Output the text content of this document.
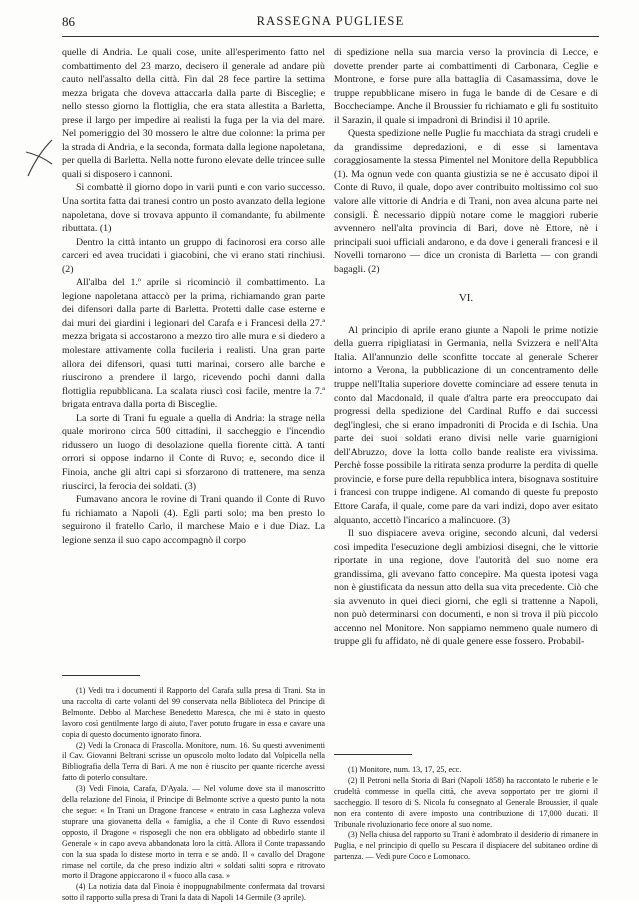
86	RASSEGNA PUGLIESE

quelle di Andria. Le quali cose, unite all'esperimento fatto nel combattimento del 23 marzo, decisero il generale ad andare più cauto nell'assalto della città. Fin dal 28 fece partire la settima mezza brigata che doveva attaccarla dalla parte di Bisceglie; e nello stesso giorno la flottiglia, che era stata allestita a Barletta, prese il largo per impedire ai realisti la fuga per la via del mare. Nel pomeriggio del 30 mossero le altre due colonne: la prima per la strada di Andria, e la seconda, formata dalla legione napoletana, per quella di Barletta. Nella notte furono elevate delle trincee sulle quali si disposero i cannoni.

Si combattè il giorno dopo in varii punti e con vario successo. Una sortita fatta dai tranesi contro un posto avanzato della legione napoletana, dove si trovava appunto il comandante, fu abilmente ributtata. (1)

Dentro la città intanto un gruppo di facinorosi era corso alle carceri ed avea trucidati i giacobini, che vi erano stati rinchiusi. (2)

All'alba del 1.º aprile si ricominciò il combattimento. La legione napoletana attaccò per la prima, richiamando gran parte dei difensori dalla parte di Barletta. Protetti dalle case esterne e dai muri dei giardini i legionari del Carafa e i Francesi della 27.ª mezza brigata si accostarono a mezzo tiro alle mura e si diedero a molestare attivamente colla fucileria i realisti. Una gran parte allora dei difensori, quasi tutti marinai, corsero alle barche e riuscirono a prendere il largo, ricevendo pochi danni dalla flottiglia repubblicana. La scalata riuscì così facile, mentre la 7.ª brigata entrava dalla porta di Bisceglie.

La sorte di Trani fu eguale a quella di Andria: la strage nella quale morirono circa 500 cittadini, il saccheggio e l'incendio ridussero un luogo di desolazione quella fiorente città. A tanti orrori si oppose indarno il Conte di Ruvo; e, secondo dice il Finoia, anche gli altri capi si sforzarono di trattenere, ma senza riuscirci, la ferocia dei soldati. (3)

Fumavano ancora le rovine di Trani quando il Conte di Ruvo fu richiamato a Napoli (4). Egli parti solo; ma ben presto lo seguirono il fratello Carlo, il marchese Maio e i due Diaz. La legione senza il suo capo accompagnò il corpo

(1) Vedi tra i documenti il Rapporto del Carafa sulla presa di Trani. Sta in una raccolta di carte volanti del 99 conservata nella Biblioteca del Principe di Belmonte. Debbo al Marchese Benedetto Maresca, che mi è stato in questo lavoro così gentilmente largo di aiuto, l'aver potuto frugare in essa e cavare una copia di questo documento ignorato finora.

(2) Vedi la Cronaca di Frascolla. Monitore, num. 16. Su questi avvenimenti il Cav. Giovanni Beltrani scrisse un opuscolo molto lodato dal Volpicella nella Bibliografia della Terra di Bari. A me non è riuscito per quante ricerche avessi fatto di poterlo consultare.

(3) Vedi Finoia, Carafa, D'Ayala. — Nel volume dove sta il manoscritto della relazione del Finoia, il Principe di Belmonte scrive a questo punto la nota che segue: « In Trani un Dragone francese « entrato in casa Laghezza voleva stuprare una giovanetta della « famiglia, a che il Conte di Ruvo essendosi opposto, il Dragone « risposegli che non era obbligato ad obbedirlo stante il Generale « in capo aveva abbandonata loro la città. Allora il Conte trapassando con la sua spada lo distese morto in terra e se andò. Il « cavallo del Dragone rimase nel cortile, da che preso indizio altri « soldati saliti sopra e ritrovato morto il Dragone appiccarono il « fuoco alla casa. »

(4) La notizia data dal Finoia è inoppugnabilmente confermata dal trovarsi sotto il rapporto sulla presa di Trani la data di Napoli 14 Germile (3 aprile).

di spedizione nella sua marcia verso la provincia di Lecce, e dovette prender parte ai combattimenti di Carbonara, Ceglie e Montrone, e forse pure alla battaglia di Casamassima, dove le truppe repubblicane misero in fuga le bande di de Cesare e di Boccheciampe. Anche il Broussier fu richiamato e gli fu sostituito il Sarazin, il quale si impadronì di Brindisi il 10 aprile.

Questa spedizione nelle Puglie fu macchiata da stragi crudeli e da grandissime depredazioni, e di esse si lamentava coraggiosamente la stessa Pimentel nel Monitore della Repubblica (1). Ma ognun vede con quanta giustizia se ne è accusato dipoi il Conte di Ruvo, il quale, dopo aver contribuito moltissimo col suo valore alle vittorie di Andria e di Trani, non avea alcuna parte nei consigli. È necessario dippiù notare come le maggiori ruberie avvennero nell'alta provincia di Bari, dove nè Ettore, nè i principali suoi ufficiali andarono, e da dove i generali francesi e il Novelli tornarono — dice un cronista di Barletta — con grandi bagagli. (2)

VI.

Al principio di aprile erano giunte a Napoli le prime notizie della guerra ripigliatasi in Germania, nella Svizzera e nell'Alta Italia. All'annunzio delle sconfitte toccate al generale Scherer intorno a Verona, la pubblicazione di un concentramento delle truppe nell'Italia superiore dovette cominciare ad essere tenuta in conto dal Macdonald, il quale d'altra parte era preoccupato dai progressi della spedizione del Cardinal Ruffo e dai successi degl'inglesi, che si erano impadroniti di Procida e di Ischia. Una parte dei suoi soldati erano divisi nelle varie guarnigioni dell'Abruzzo, dove la lotta collo bande realiste era vivissima. Perchè fosse possibile la ritirata senza produrre la perdita di quelle provincie, e forse pure della repubblica intera, bisognava sostituire i francesi con truppe indigene. Al comando di queste fu preposto Ettore Carafa, il quale, come pare da vari indizi, dopo aver esitato alquanto, accettò l'incarico a malincuore. (3)

Il suo dispiacere aveva origine, secondo alcuni, dal vedersi così impedita l'esecuzione degli ambiziosi disegni, che le vittorie riportate in una regione, dove l'autorità del suo nome era grandissima, gli avevano fatto concepire. Ma questa ipotesi vaga non è giustificata da nessun atto della sua vita precedente. Ciò che sia avvenuto in quei dieci giorni, che egli si trattenne a Napoli, non può determinarsi con documenti, e non si trova il più piccolo accenno nel Monitore. Non sappiamo nemmeno quale numero di truppe gli fu affidato, nè di quale genere esse fossero. Probabil-

(1) Monitore, num. 13, 17, 25, ecc.

(2) Il Petroni nella Storia di Bari (Napoli 1858) ha raccontato le ruberie e le crudeltà commesse in quella città, che aveva sopportato per tre giorni il saccheggio. Il tesoro di S. Nicola fu consegnato al Generale Broussier, il quale non era contento di avere imposto una contribuzione di 17,000 ducati. Il Tribunale rivoluzionario fece onore al suo nome.

(3) Nella chiusa del rapporto su Trani è adombrato il desiderio di rimanere in Puglia, e nel principio di quello su Pescara il dispiacere del subitaneo ordine di partenza. — Vedi pure Coco e Lomonaco.
